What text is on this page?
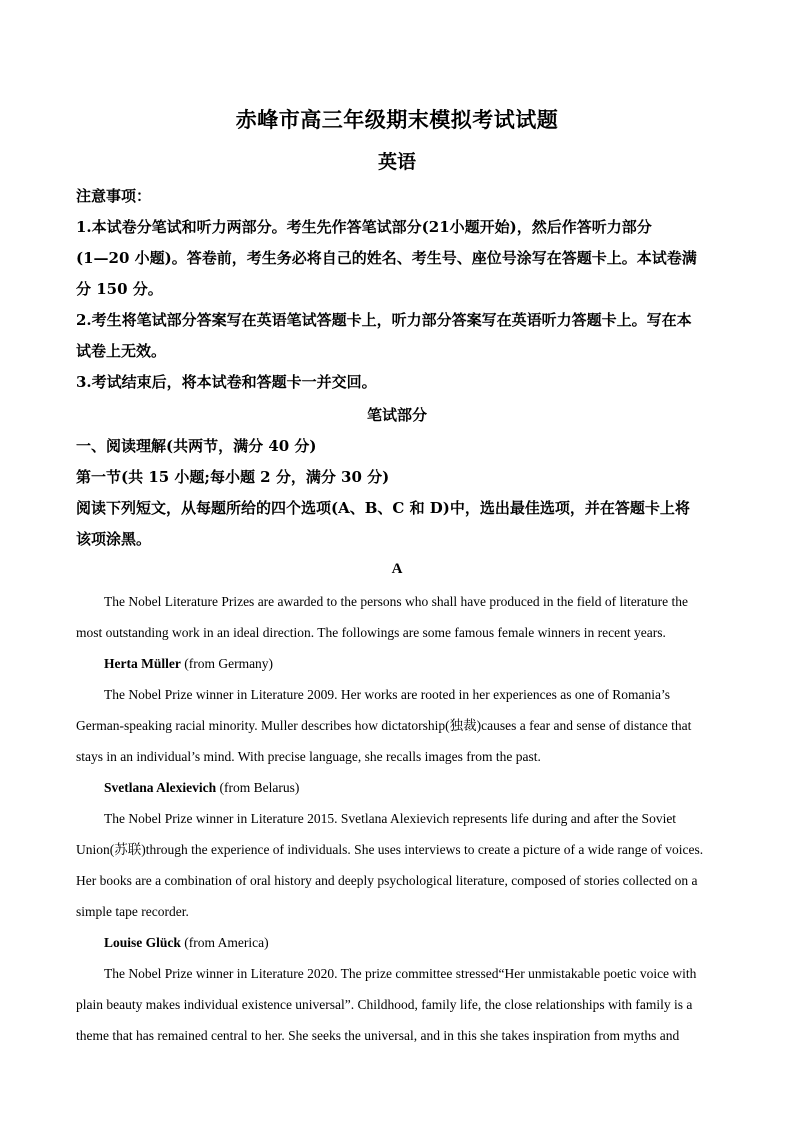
赤峰市高三年级期末模拟考试试题
英语
注意事项：
1.本试卷分笔试和听力两部分。考生先作答笔试部分(21小题开始)，然后作答听力部分
(1—20 小题)。答卷前，考生务必将自己的姓名、考生号、座位号涂写在答题卡上。本试卷满
分 150 分。
2.考生将笔试部分答案写在英语笔试答题卡上，听力部分答案写在英语听力答题卡上。写在本
试卷上无效。
3.考试结束后，将本试卷和答题卡一并交回。
笔试部分
一、阅读理解(共两节，满分 40 分)
第一节(共 15 小题;每小题 2 分，满分 30 分)
阅读下列短文，从每题所给的四个选项(A、B、C 和 D)中，选出最佳选项，并在答题卡上将
该项涂黑。
A
The Nobel Literature Prizes are awarded to the persons who shall have produced in the field of literature the
most outstanding work in an ideal direction. The followings are some famous female winners in recent years.
Herta Müller (from Germany)
The Nobel Prize winner in Literature 2009. Her works are rooted in her experiences as one of Romania’s
German-speaking racial minority. Muller describes how dictatorship(独裁)causes a fear and sense of distance that
stays in an individual’s mind. With precise language, she recalls images from the past.
Svetlana Alexievich (from Belarus)
The Nobel Prize winner in Literature 2015. Svetlana Alexievich represents life during and after the Soviet
Union(苏联)through the experience of individuals. She uses interviews to create a picture of a wide range of voices.
Her books are a combination of oral history and deeply psychological literature, composed of stories collected on a
simple tape recorder.
Louise Glück (from America)
The Nobel Prize winner in Literature 2020. The prize committee stressed“Her unmistakable poetic voice with
plain beauty makes individual existence universal”. Childhood, family life, the close relationships with family is a
theme that has remained central to her. She seeks the universal, and in this she takes inspiration from myths and
